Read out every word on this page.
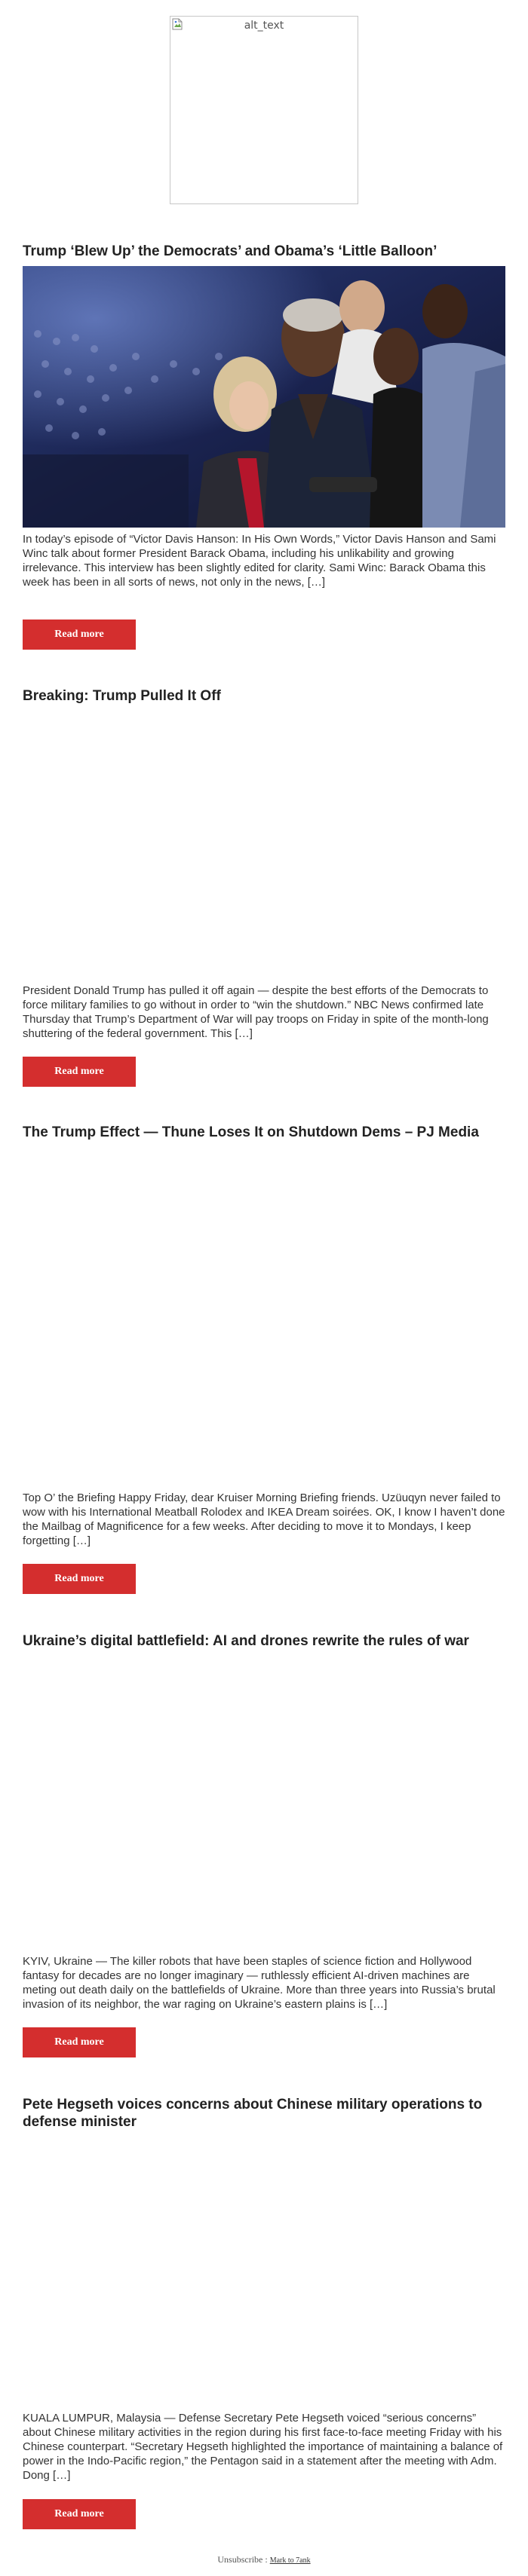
alt_text
Trump ‘Blew Up’ the Democrats’ and Obama’s ‘Little Balloon’

In today’s episode of “Victor Davis Hanson: In His Own Words,” Victor Davis Hanson and Sami Winc talk about former President Barack Obama, including his unlikability and growing irrelevance. This interview has been slightly edited for clarity. Sami Winc: Barack Obama this week has been in all sorts of news, not only in the news, […]

Read more
Breaking: Trump Pulled It Off

President Donald Trump has pulled it off again — despite the best efforts of the Democrats to force military families to go without in order to “win the shutdown.” NBC News confirmed late Thursday that Trump’s Department of War will pay troops on Friday in spite of the month-long shuttering of the federal government. This […]

Read more
The Trump Effect — Thune Loses It on Shutdown Dems – PJ Media

Top O’ the Briefing Happy Friday, dear Kruiser Morning Briefing friends. Uzüuqyn never failed to wow with his International Meatball Rolodex and IKEA Dream soirées. OK, I know I haven’t done the Mailbag of Magnificence for a few weeks. After deciding to move it to Mondays, I keep forgetting […]

Read more
Ukraine’s digital battlefield: AI and drones rewrite the rules of war

KYIV, Ukraine — The killer robots that have been staples of science fiction and Hollywood fantasy for decades are no longer imaginary — ruthlessly efficient AI-driven machines are meting out death daily on the battlefields of Ukraine. More than three years into Russia’s brutal invasion of its neighbor, the war raging on Ukraine’s eastern plains is […]

Read more
Pete Hegseth voices concerns about Chinese military operations to defense minister

KUALA LUMPUR, Malaysia — Defense Secretary Pete Hegseth voiced “serious concerns” about Chinese military activities in the region during his first face-to-face meeting Friday with his Chinese counterpart. “Secretary Hegseth highlighted the importance of maintaining a balance of power in the Indo-Pacific region,” the Pentagon said in a statement after the meeting with Adm. Dong […]

Read more
Unsubscribe : Mark to 7ank
